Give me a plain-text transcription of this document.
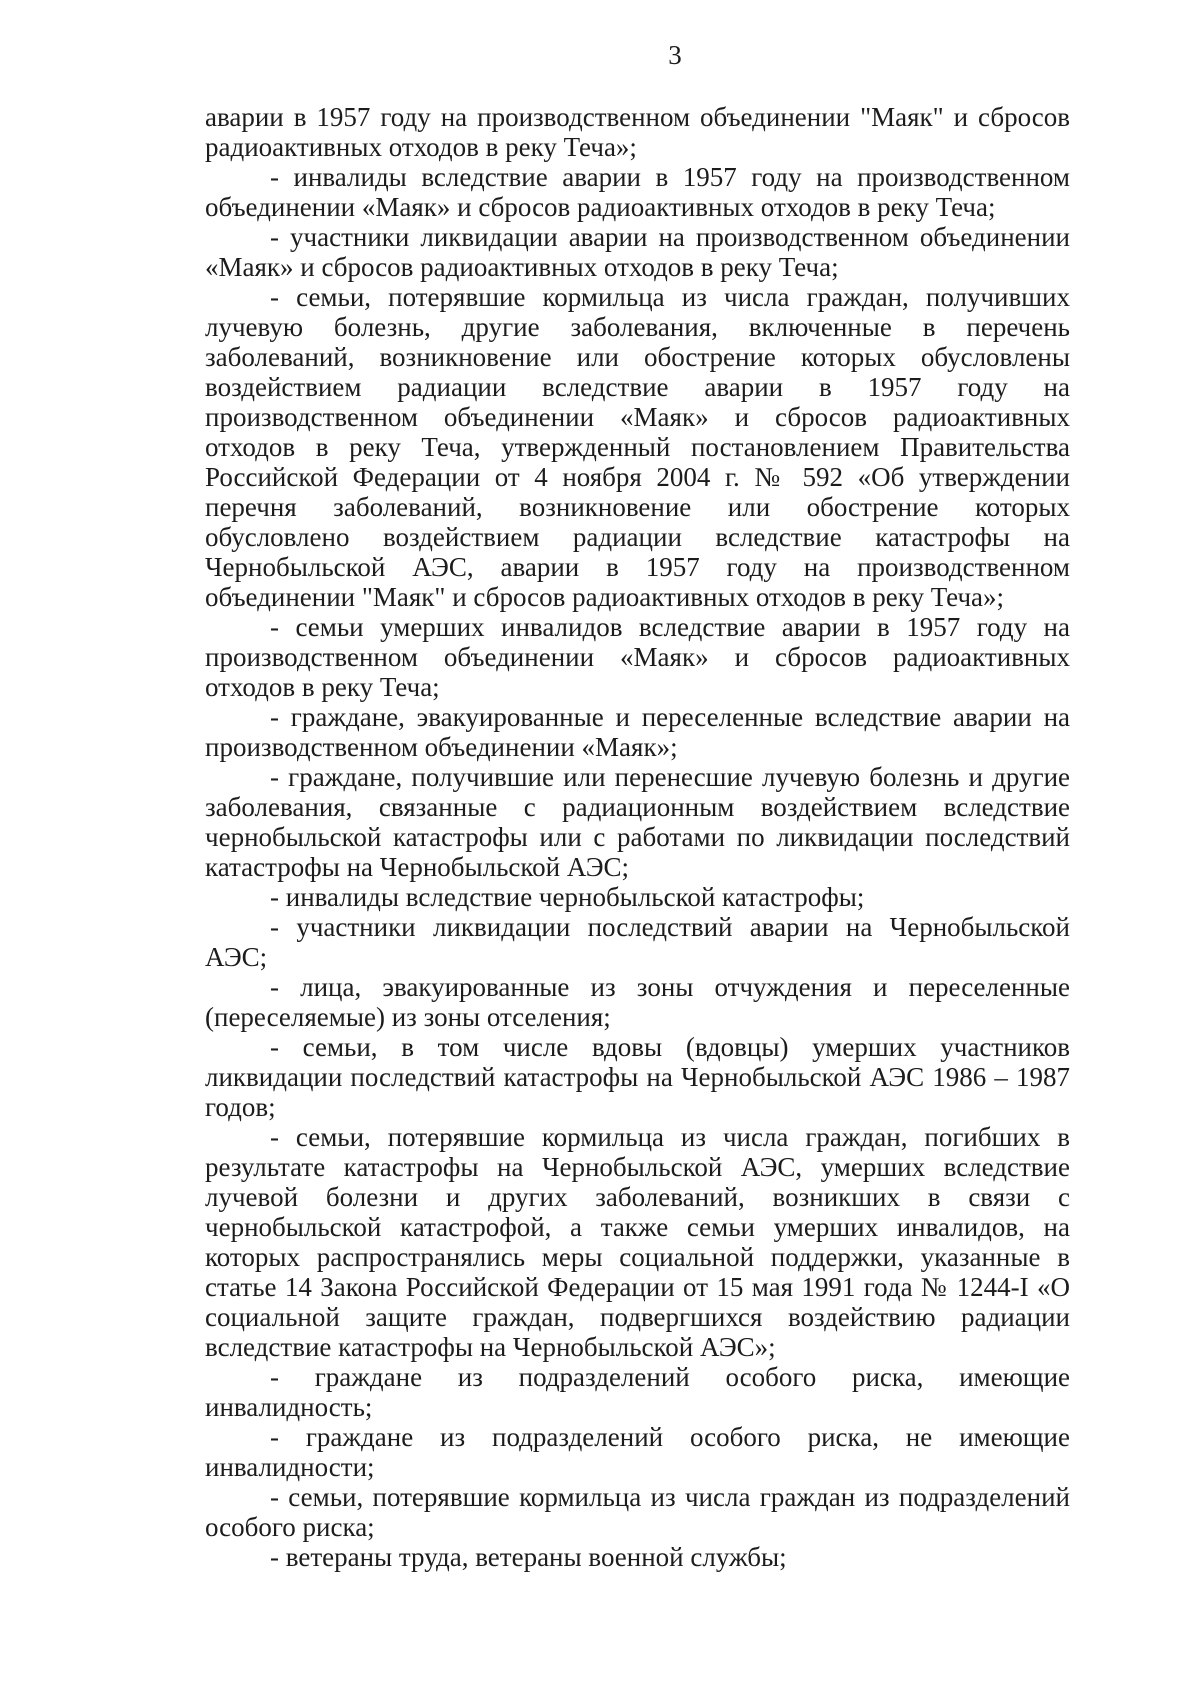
3

аварии в 1957 году на производственном объединении "Маяк" и сбросов радиоактивных отходов в реку Теча»;

- инвалиды вследствие аварии в 1957 году на производственном объединении «Маяк» и сбросов радиоактивных отходов в реку Теча;

- участники ликвидации аварии на производственном объединении «Маяк» и сбросов радиоактивных отходов в реку Теча;

- семьи, потерявшие кормильца из числа граждан, получивших лучевую болезнь, другие заболевания, включенные в перечень заболеваний, возникновение или обострение которых обусловлены воздействием радиации вследствие аварии в 1957 году на производственном объединении «Маяк» и сбросов радиоактивных отходов в реку Теча, утвержденный постановлением Правительства Российской Федерации от 4 ноября 2004 г. № 592 «Об утверждении перечня заболеваний, возникновение или обострение которых обусловлено воздействием радиации вследствие катастрофы на Чернобыльской АЭС, аварии в 1957 году на производственном объединении "Маяк" и сбросов радиоактивных отходов в реку Теча»;

- семьи умерших инвалидов вследствие аварии в 1957 году на производственном объединении «Маяк» и сбросов радиоактивных отходов в реку Теча;

- граждане, эвакуированные и переселенные вследствие аварии на производственном объединении «Маяк»;

- граждане, получившие или перенесшие лучевую болезнь и другие заболевания, связанные с радиационным воздействием вследствие чернобыльской катастрофы или с работами по ликвидации последствий катастрофы на Чернобыльской АЭС;

- инвалиды вследствие чернобыльской катастрофы;

- участники ликвидации последствий аварии на Чернобыльской АЭС;

- лица, эвакуированные из зоны отчуждения и переселенные (переселяемые) из зоны отселения;

- семьи, в том числе вдовы (вдовцы) умерших участников ликвидации последствий катастрофы на Чернобыльской АЭС 1986 – 1987 годов;

- семьи, потерявшие кормильца из числа граждан, погибших в результате катастрофы на Чернобыльской АЭС, умерших вследствие лучевой болезни и других заболеваний, возникших в связи с чернобыльской катастрофой, а также семьи умерших инвалидов, на которых распространялись меры социальной поддержки, указанные в статье 14 Закона Российской Федерации от 15 мая 1991 года № 1244-I «О социальной защите граждан, подвергшихся воздействию радиации вследствие катастрофы на Чернобыльской АЭС»;

- граждане из подразделений особого риска, имеющие инвалидность;

- граждане из подразделений особого риска, не имеющие инвалидности;

- семьи, потерявшие кормильца из числа граждан из подразделений особого риска;

- ветераны труда, ветераны военной службы;
